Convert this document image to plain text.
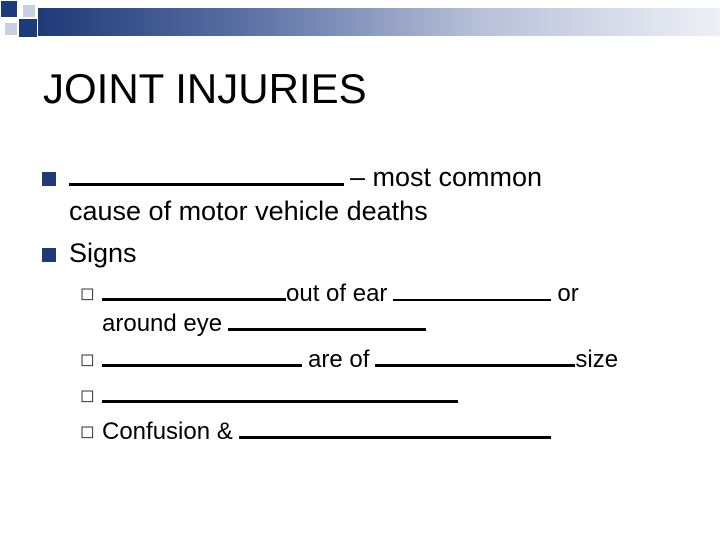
JOINT INJURIES
– most common
cause of motor vehicle deaths
Signs
◻	out of ear	or
around eye
◻	are of	size
◻
◻ Confusion &
